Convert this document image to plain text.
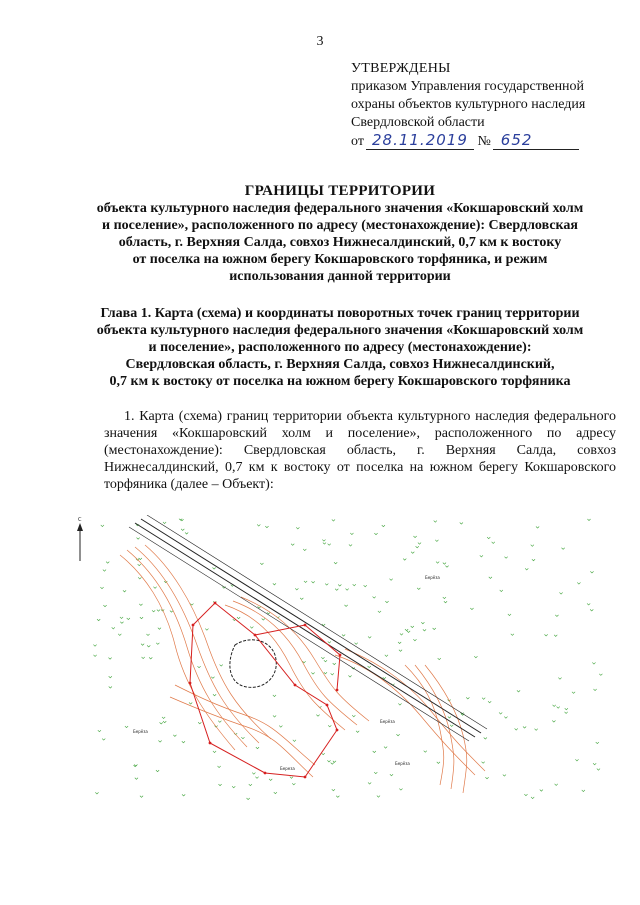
3
УТВЕРЖДЕНЫ
приказом Управления государственной
охраны объектов культурного наследия
Свердловской области
от 28.11.2019 № 652
ГРАНИЦЫ ТЕРРИТОРИИ
объекта культурного наследия федерального значения «Кокшаровский холм
и поселение», расположенного по адресу (местонахождение): Свердловская
область, г. Верхняя Салда, совхоз Нижнесалдинский, 0,7 км к востоку
от поселка на южном берегу Кокшаровского торфяника, и режим
использования данной территории
Глава 1. Карта (схема) и координаты поворотных точек границ территории
объекта культурного наследия федерального значения «Кокшаровский холм
и поселение», расположенного по адресу (местонахождение):
Свердловская область, г. Верхняя Салда, совхоз Нижнесалдинский,
0,7 км к востоку от поселка на южном берегу Кокшаровского торфяника
1. Карта (схема) границ территории объекта культурного наследия федерального значения «Кокшаровский холм и поселение», расположенного по адресу (местонахождение): Свердловская область, г. Верхняя Салда, совхоз Нижнесалдинский, 0,7 км к востоку от поселка на южном берегу Кокшаровского торфяника (далее – Объект):
С
Берёза
Берёза
Берёза
Берёза
Береза
